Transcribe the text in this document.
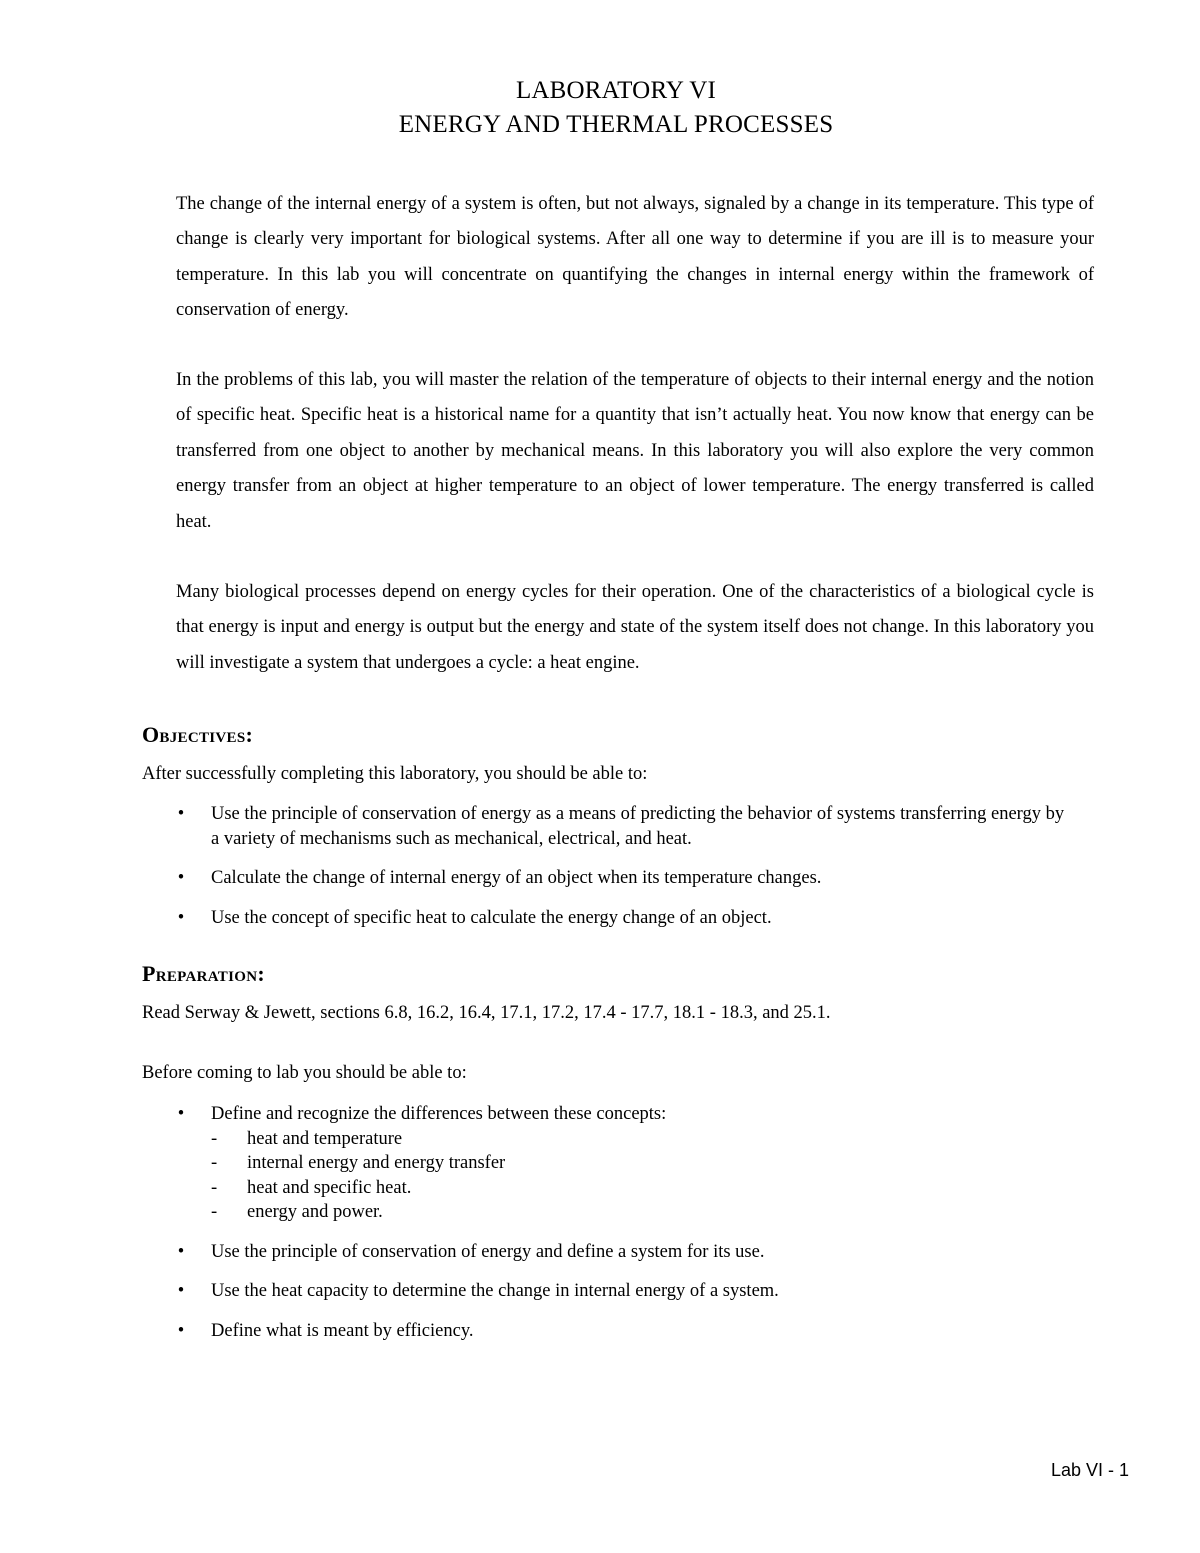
LABORATORY VI
ENERGY AND THERMAL PROCESSES

The change of the internal energy of a system is often, but not always, signaled by a change in its temperature. This type of change is clearly very important for biological systems. After all one way to determine if you are ill is to measure your temperature. In this lab you will concentrate on quantifying the changes in internal energy within the framework of conservation of energy.

In the problems of this lab, you will master the relation of the temperature of objects to their internal energy and the notion of specific heat. Specific heat is a historical name for a quantity that isn’t actually heat. You now know that energy can be transferred from one object to another by mechanical means. In this laboratory you will also explore the very common energy transfer from an object at higher temperature to an object of lower temperature. The energy transferred is called heat.

Many biological processes depend on energy cycles for their operation. One of the characteristics of a biological cycle is that energy is input and energy is output but the energy and state of the system itself does not change. In this laboratory you will investigate a system that undergoes a cycle: a heat engine.

Objectives:

After successfully completing this laboratory, you should be able to:

• Use the principle of conservation of energy as a means of predicting the behavior of systems transferring energy by a variety of mechanisms such as mechanical, electrical, and heat.
• Calculate the change of internal energy of an object when its temperature changes.
• Use the concept of specific heat to calculate the energy change of an object.
Preparation:

Read Serway & Jewett, sections 6.8, 16.2, 16.4, 17.1, 17.2, 17.4 - 17.7, 18.1 - 18.3, and 25.1.

Before coming to lab you should be able to:

• Define and recognize the differences between these concepts:
- heat and temperature
- internal energy and energy transfer
- heat and specific heat.
- energy and power.
• Use the principle of conservation of energy and define a system for its use.
• Use the heat capacity to determine the change in internal energy of a system.
• Define what is meant by efficiency.
Lab VI - 1
